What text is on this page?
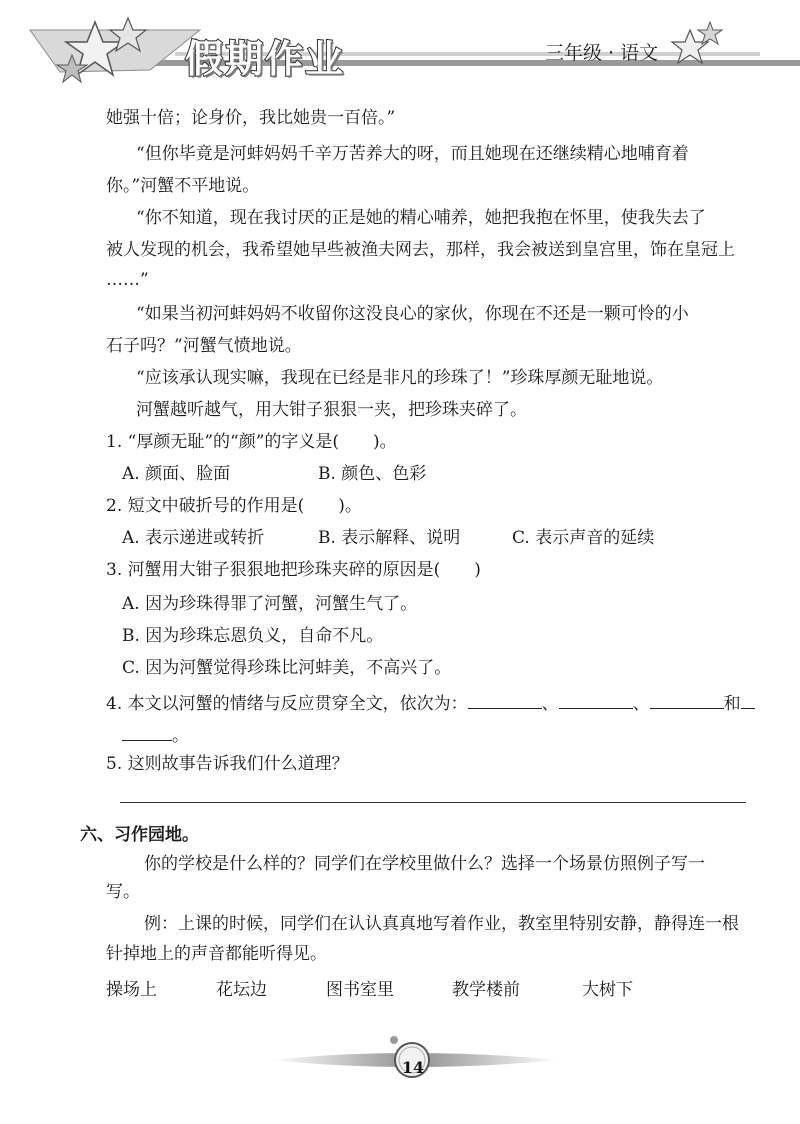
假期作业	三年级 · 语文
她强十倍；论身价，我比她贵一百倍。”
“但你毕竟是河蚌妈妈千辛万苦养大的呀，而且她现在还继续精心地哺育着
你。”河蟹不平地说。
“你不知道，现在我讨厌的正是她的精心哺养，她把我抱在怀里，使我失去了
被人发现的机会，我希望她早些被渔夫网去，那样，我会被送到皇宫里，饰在皇冠上
……”
“如果当初河蚌妈妈不收留你这没良心的家伙，你现在不还是一颗可怜的小
石子吗？”河蟹气愤地说。
“应该承认现实嘛，我现在已经是非凡的珍珠了！”珍珠厚颜无耻地说。
河蟹越听越气，用大钳子狠狠一夹，把珍珠夹碎了。
1. “厚颜无耻”的“颜”的字义是(　　)。
A. 颜面、脸面	B. 颜色、色彩
2. 短文中破折号的作用是(　　)。
A. 表示递进或转折	B. 表示解释、说明	C. 表示声音的延续
3. 河蟹用大钳子狠狠地把珍珠夹碎的原因是(　　)
A. 因为珍珠得罪了河蟹，河蟹生气了。
B. 因为珍珠忘恩负义，自命不凡。
C. 因为河蟹觉得珍珠比河蚌美，不高兴了。
4. 本文以河蟹的情绪与反应贯穿全文，依次为：	、	、	和
。
5. 这则故事告诉我们什么道理？
六、习作园地。
你的学校是什么样的？同学们在学校里做什么？选择一个场景仿照例子写一
写。
例：上课的时候，同学们在认认真真地写着作业，教室里特别安静，静得连一根
针掉地上的声音都能听得见。
操场上	花坛边	图书室里	教学楼前	大树下
14
